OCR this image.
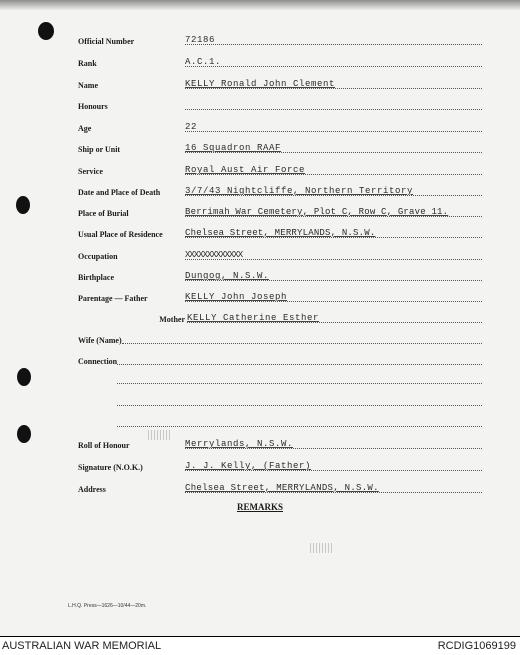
Official Number	72186
Rank	A.C.1.
Name	KELLY Ronald John Clement
Honours
Age	22
Ship or Unit	16 Squadron RAAF
Service	Royal Aust Air Force
Date and Place of Death	3/7/43 Nightcliffe, Northern Territory
Place of Burial	Berrimah War Cemetery, Plot C, Row C, Grave 11.
Usual Place of Residence	Chelsea Street, MERRYLANDS, N.S.W.
Occupation	XXXXXXXXXXXXX
Birthplace	Dungog, N.S.W.
Parentage — Father	KELLY John Joseph
Mother KELLY Catherine Esther
Wife (Name)
Connection
Roll of Honour	Merrylands, N.S.W.
Signature (N.O.K.)	J. J. Kelly, (Father)
Address	Chelsea Street, MERRYLANDS, N.S.W.
REMARKS
L.H.Q. Press—1626—10/44—20m.
AUSTRALIAN WAR MEMORIAL	RCDIG1069199
